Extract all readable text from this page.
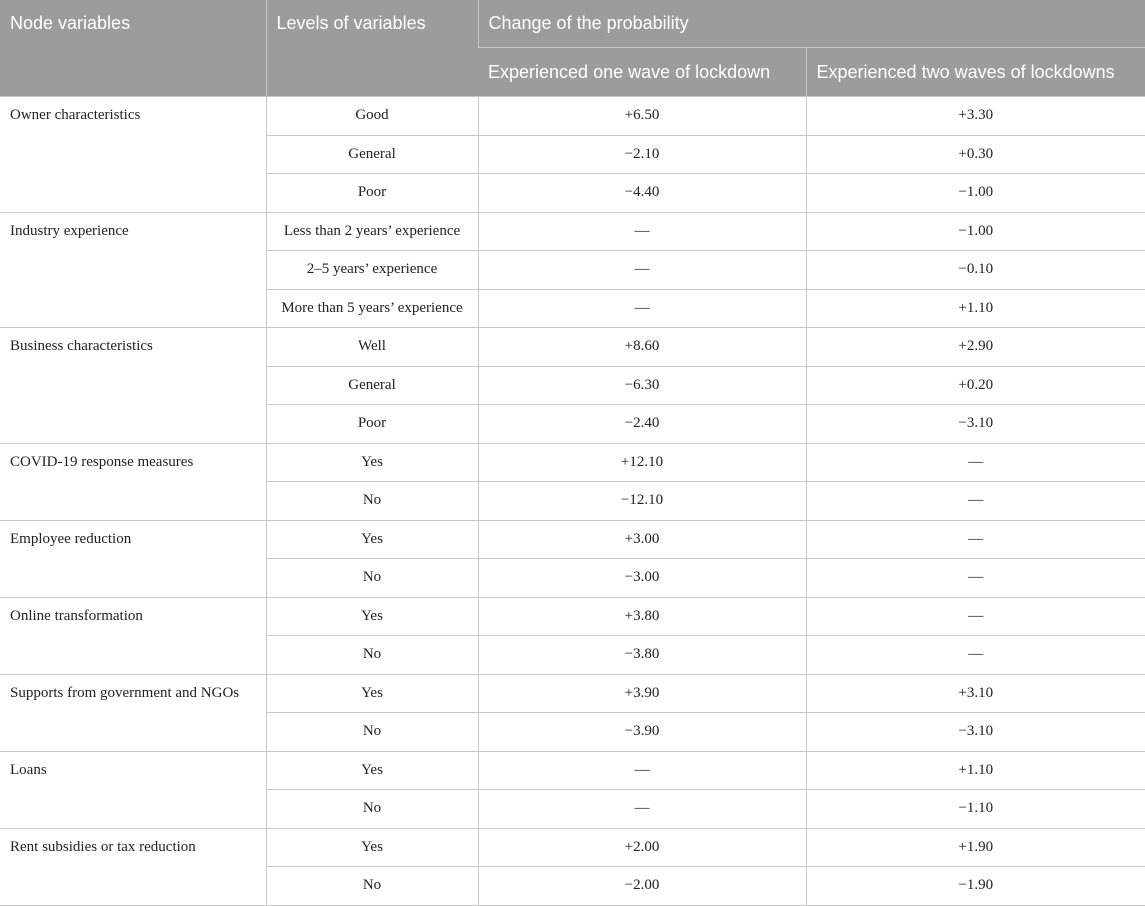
Node variables	Levels of variables	Change of the probability	
		Experienced one wave of lockdown	Experienced two waves of lockdowns
Owner characteristics	Good	+6.50	+3.30
	General	−2.10	+0.30
	Poor	−4.40	−1.00
Industry experience	Less than 2 years’ experience	—	−1.00
	2–5 years’ experience	—	−0.10
	More than 5 years’ experience	—	+1.10
Business characteristics	Well	+8.60	+2.90
	General	−6.30	+0.20
	Poor	−2.40	−3.10
COVID-19 response measures	Yes	+12.10	—
	No	−12.10	—
Employee reduction	Yes	+3.00	—
	No	−3.00	—
Online transformation	Yes	+3.80	—
	No	−3.80	—
Supports from government and NGOs	Yes	+3.90	+3.10
	No	−3.90	−3.10
Loans	Yes	—	+1.10
	No	—	−1.10
Rent subsidies or tax reduction	Yes	+2.00	+1.90
	No	−2.00	−1.90
